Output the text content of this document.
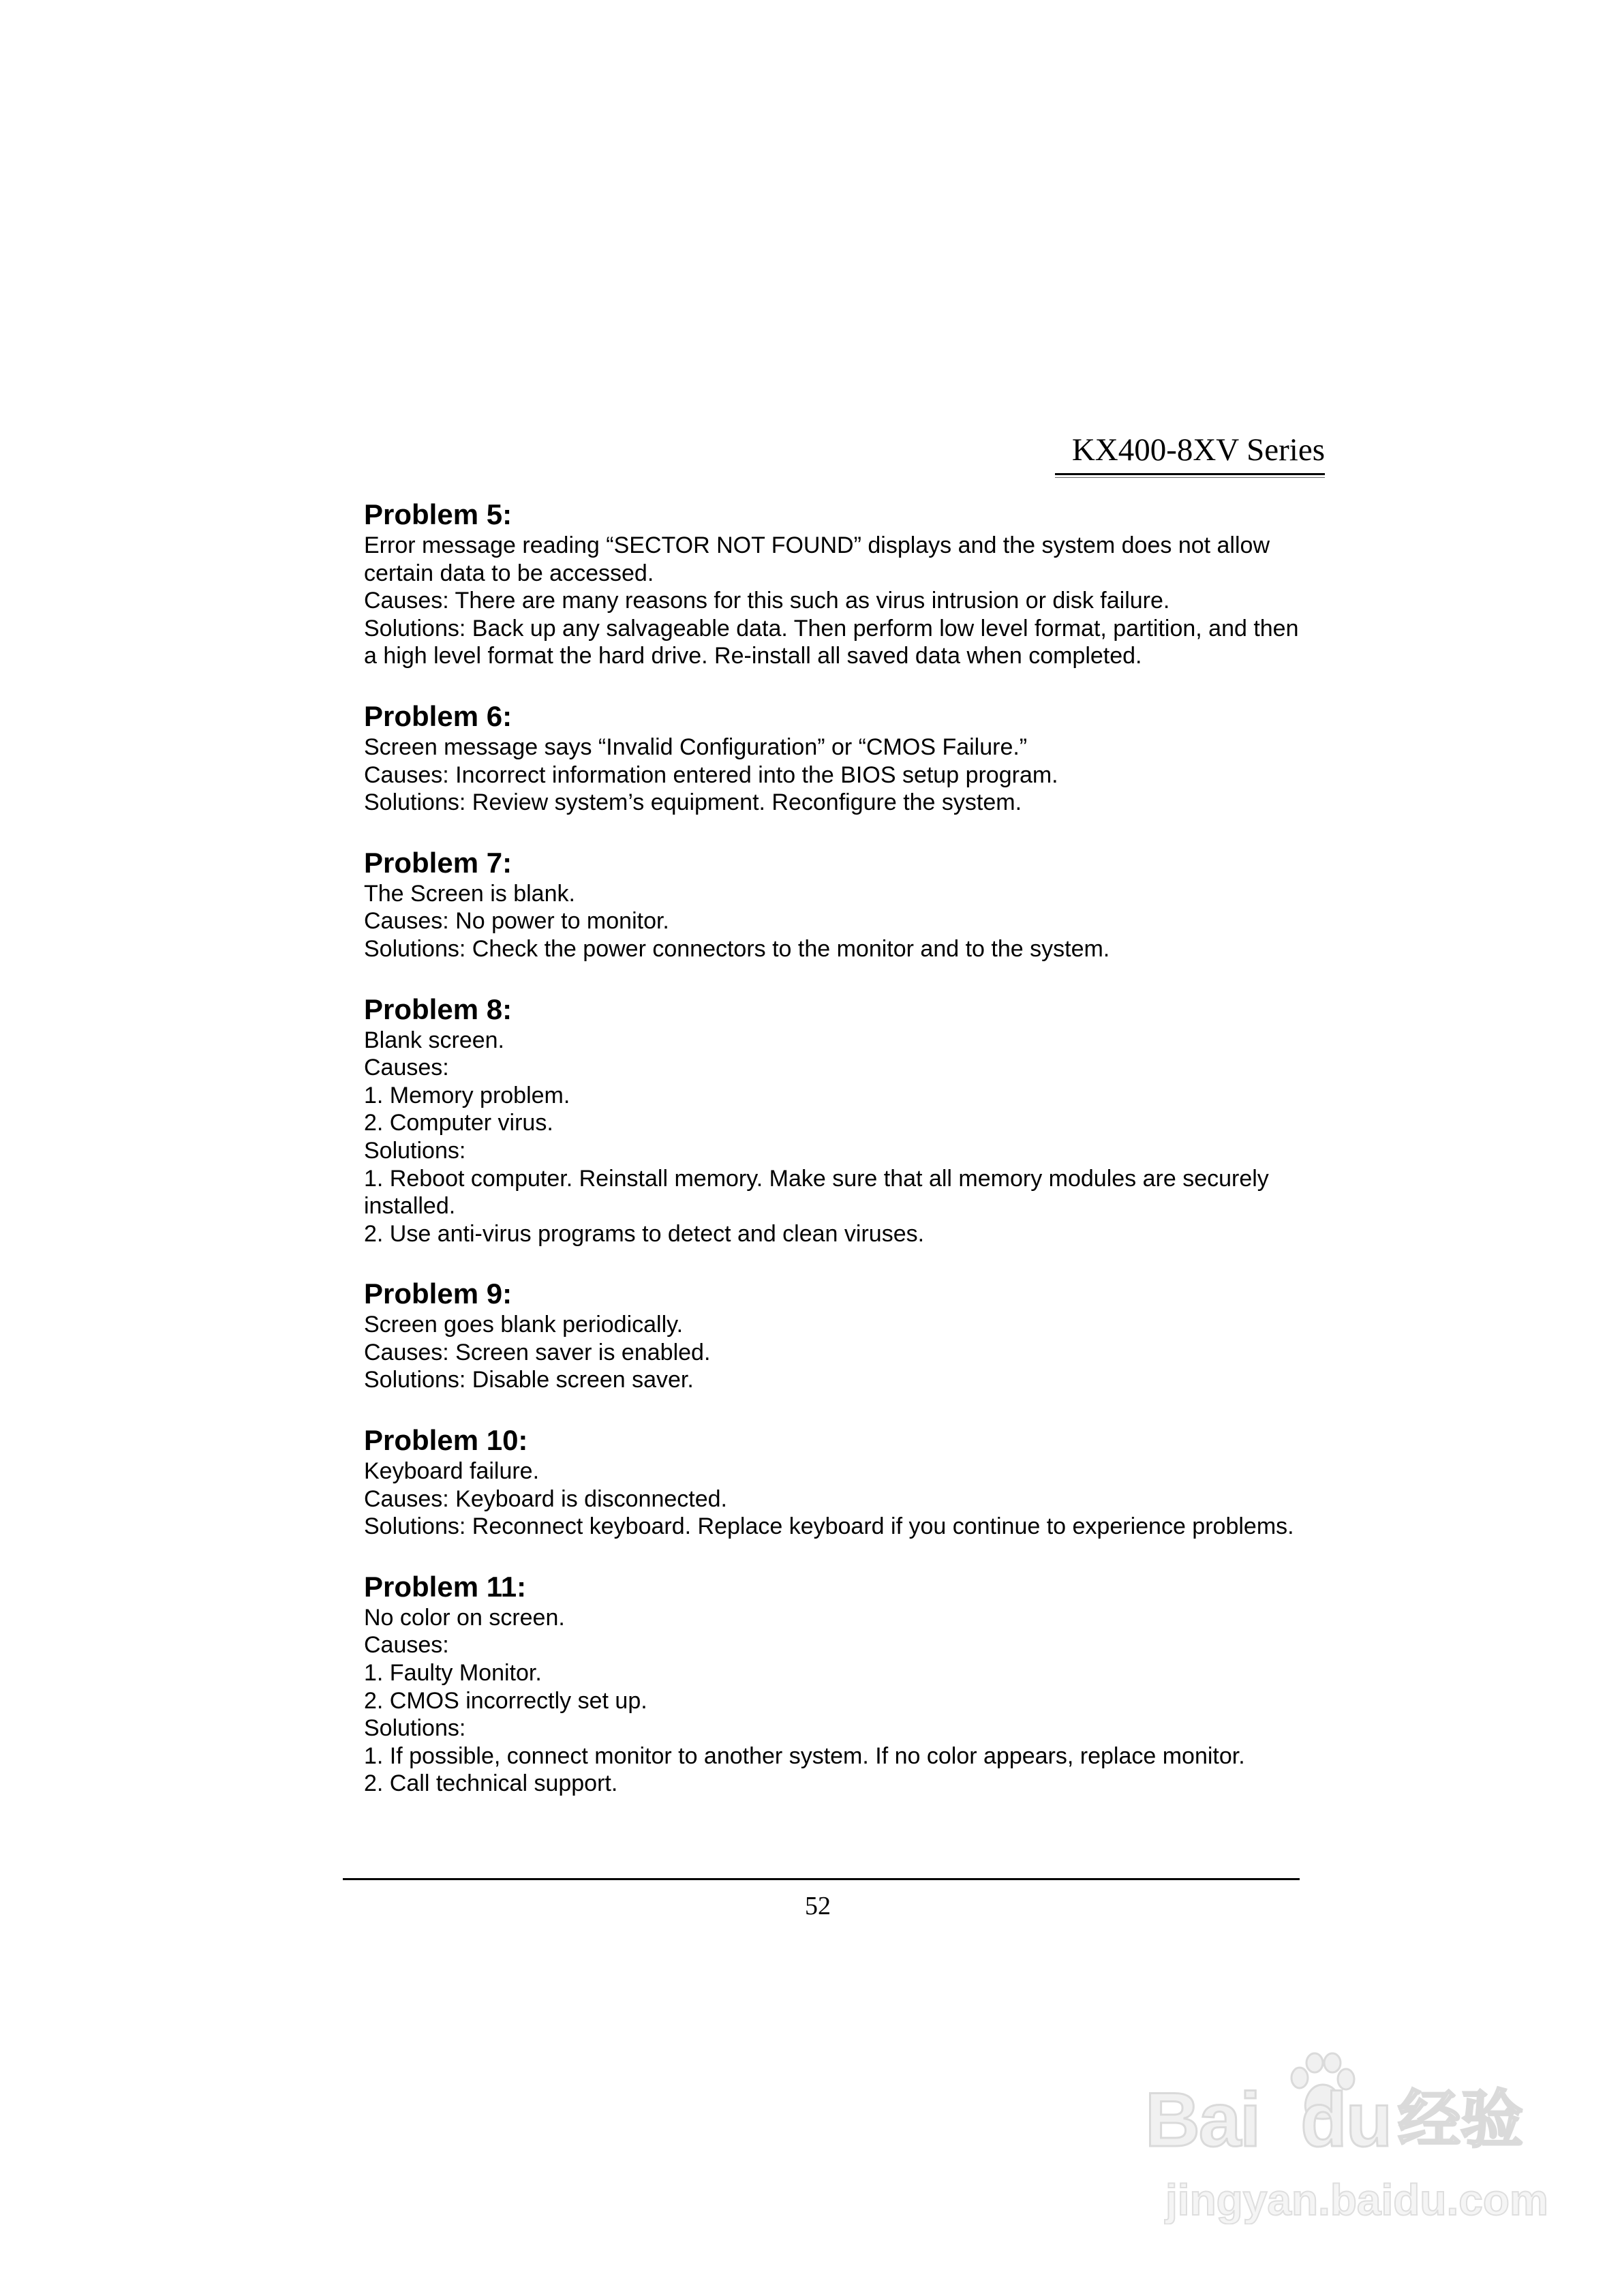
KX400-8XV Series

Problem 5:

Error message reading “SECTOR NOT FOUND” displays and the system does not allow

certain data to be accessed.

Causes: There are many reasons for this such as virus intrusion or disk failure.

Solutions: Back up any salvageable data. Then perform low level format, partition, and then

a high level format the hard drive. Re-install all saved data when completed.

Problem 6:

Screen message says “Invalid Configuration” or “CMOS Failure.”

Causes: Incorrect information entered into the BIOS setup program.

Solutions: Review system’s equipment. Reconfigure the system.

Problem 7:

The Screen is blank.

Causes: No power to monitor.

Solutions: Check the power connectors to the monitor and to the system.

Problem 8:

Blank screen.

Causes:

1. Memory problem.

2. Computer virus.

Solutions:

1. Reboot computer. Reinstall memory. Make sure that all memory modules are securely

installed.

2. Use anti-virus programs to detect and clean viruses.

Problem 9:

Screen goes blank periodically.

Causes: Screen saver is enabled.

Solutions: Disable screen saver.

Problem 10:

Keyboard failure.

Causes: Keyboard is disconnected.

Solutions: Reconnect keyboard. Replace keyboard if you continue to experience problems.

Problem 11:

No color on screen.

Causes:

1. Faulty Monitor.

2. CMOS incorrectly set up.

Solutions:

1. If possible, connect monitor to another system. If no color appears, replace monitor.

2. Call technical support.

52
Bai du 经验
jingyan.baidu.com
